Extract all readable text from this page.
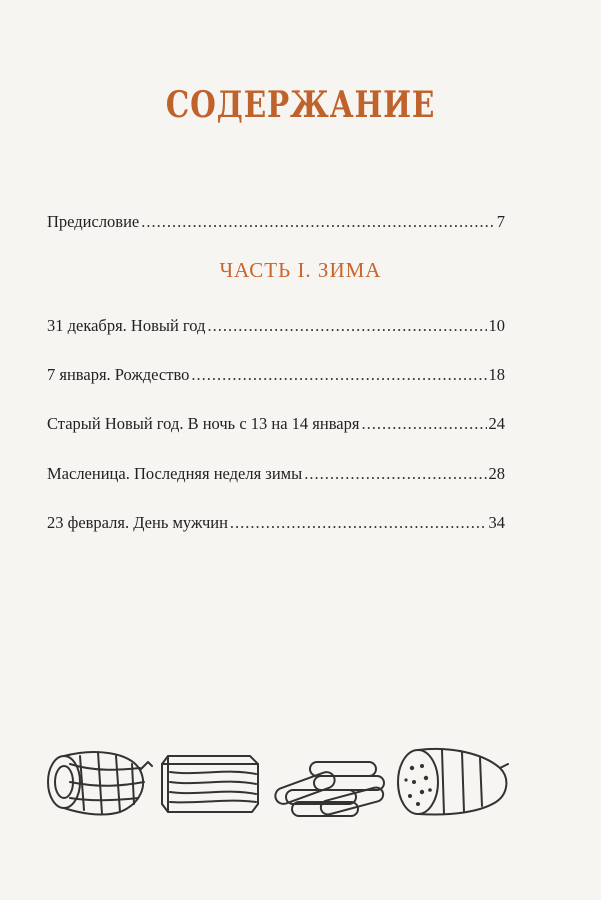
СОДЕРЖАНИЕ
Предисловие .....	7
ЧАСТЬ I. ЗИМА
31 декабря. Новый год .....	10
7 января. Рождество .....	18
Старый Новый год. В ночь с 13 на 14 января .....	24
Масленица. Последняя неделя зимы .....	28
23 февраля. День мужчин .....	34
